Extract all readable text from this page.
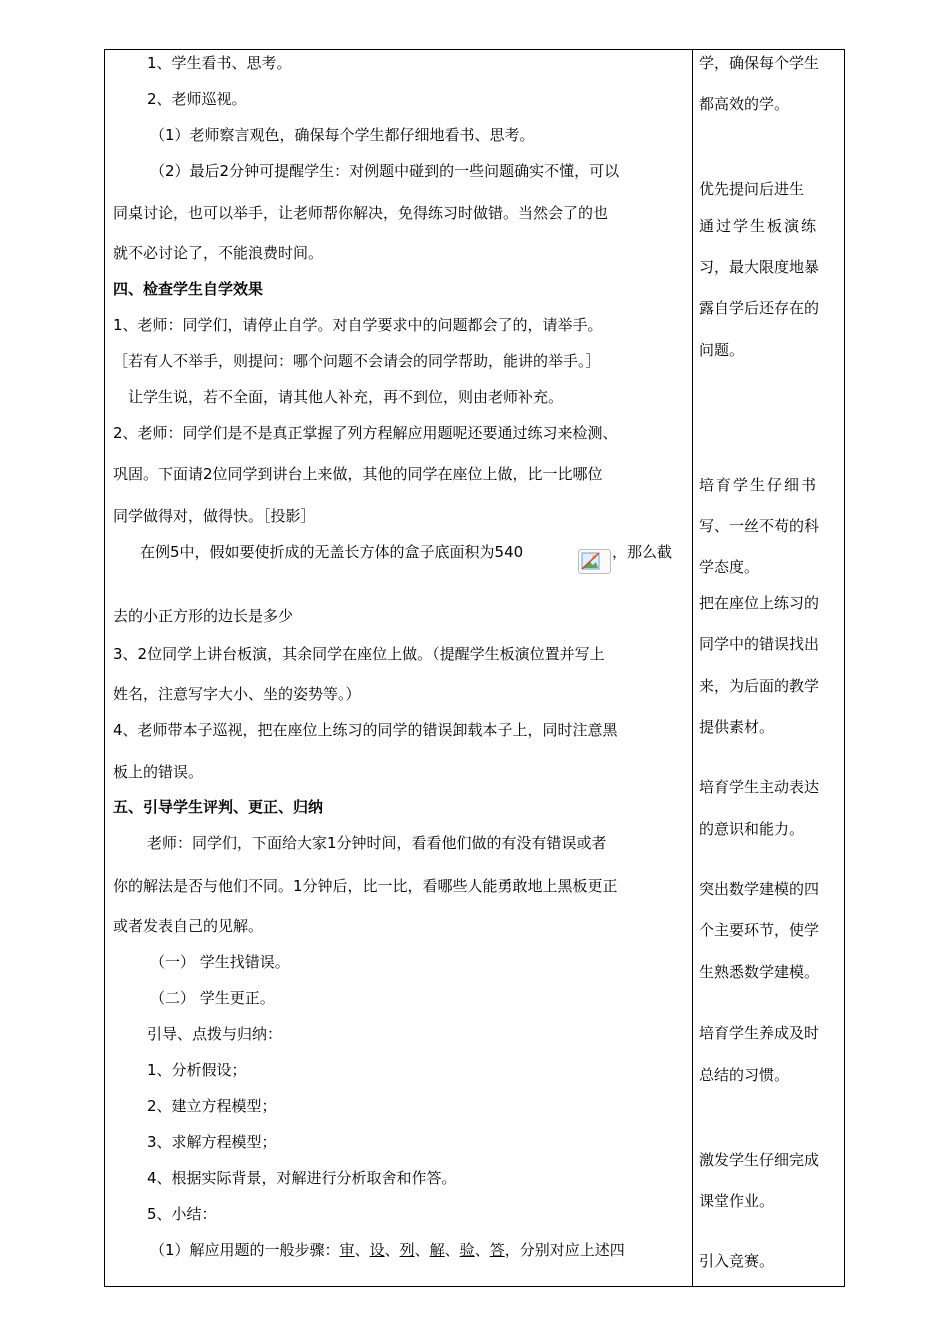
1、学生看书、思考。
2、老师巡视。
（1）老师察言观色，确保每个学生都仔细地看书、思考。
（2）最后2分钟可提醒学生：对例题中碰到的一些问题确实不懂，可以
同桌讨论，也可以举手，让老师帮你解决，免得练习时做错。当然会了的也
就不必讨论了，不能浪费时间。
四、检查学生自学效果
1、老师：同学们，请停止自学。对自学要求中的问题都会了的，请举手。
［若有人不举手，则提问：哪个问题不会请会的同学帮助，能讲的举手。］
让学生说，若不全面，请其他人补充，再不到位，则由老师补充。
2、老师：同学们是不是真正掌握了列方程解应用题呢还要通过练习来检测、
巩固。下面请2位同学到讲台上来做，其他的同学在座位上做，比一比哪位
同学做得对，做得快。［投影］
在例5中，假如要使折成的无盖长方体的盒子底面积为540	，那么截
去的小正方形的边长是多少
3、2位同学上讲台板演，其余同学在座位上做。（提醒学生板演位置并写上
姓名，注意写字大小、坐的姿势等。）
4、老师带本子巡视，把在座位上练习的同学的错误卸载本子上，同时注意黑
板上的错误。
五、引导学生评判、更正、归纳
老师：同学们，下面给大家1分钟时间，看看他们做的有没有错误或者
你的解法是否与他们不同。1分钟后，比一比，看哪些人能勇敢地上黑板更正
或者发表自己的见解。
（一） 学生找错误。
（二） 学生更正。
引导、点拨与归纳：
1、分析假设；
2、建立方程模型；
3、求解方程模型；
4、根据实际背景，对解进行分析取舍和作答。
5、小结：
（1）解应用题的一般步骤：审、设、列、解、验、答，分别对应上述四
学，确保每个学生
都高效的学。
优先提问后进生
通过学生板演练
习，最大限度地暴
露自学后还存在的
问题。
培育学生仔细书
写、一丝不苟的科
学态度。
把在座位上练习的
同学中的错误找出
来，为后面的教学
提供素材。
培育学生主动表达
的意识和能力。
突出数学建模的四
个主要环节，使学
生熟悉数学建模。
培育学生养成及时
总结的习惯。
激发学生仔细完成
课堂作业。
引入竞赛。
